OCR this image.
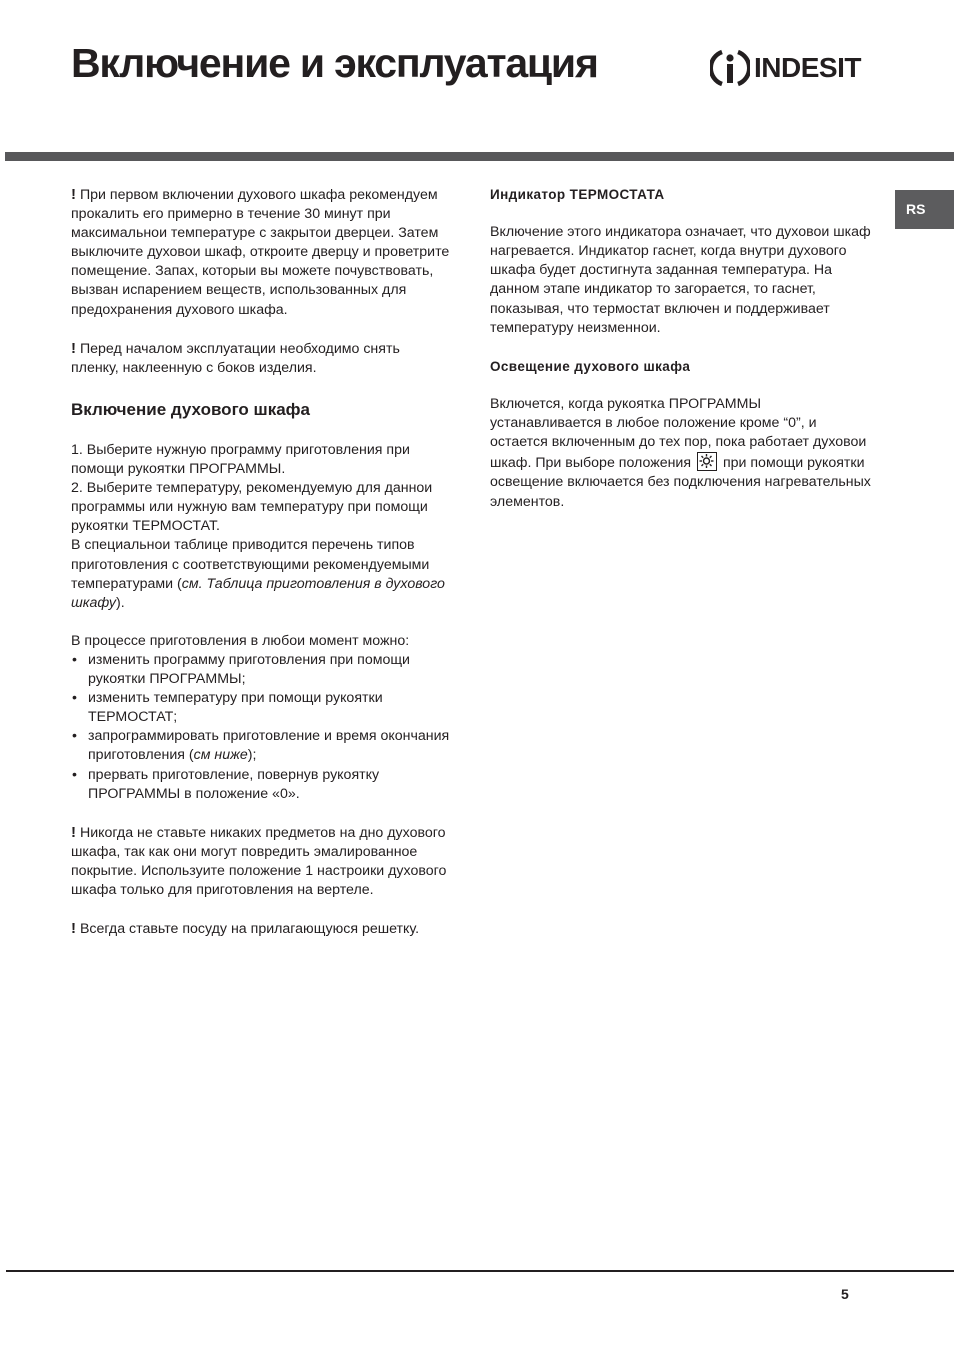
Включение и эксплуатация	INDESIT
RS

! При первом включении духового шкафа рекомендуем прокалить его примерно в течение 30 минут при максимальнои температуре с закрытои дверцеи. Затем выключите духовои шкаф, откроите дверцу и проветрите помещение. Запах, которыи вы можете почувствовать, вызван испарением веществ, использованных для предохранения духового шкафа.

! Перед началом эксплуатации необходимо снять пленку, наклеенную с боков изделия.

Включение духового шкафа

1. Выберите нужную программу приготовления при помощи рукоятки ПРОГРАММЫ.

2. Выберите температуру, рекомендуемую для даннои программы или нужную вам температуру при помощи рукоятки ТЕРМОСТАТ.

В специальнои таблице приводится перечень типов приготовления с соответствующими рекомендуемыми температурами (см. Таблица приготовления в духового шкафу).

В процессе приготовления в любои момент можно:

• изменить программу приготовления при помощи рукоятки ПРОГРАММЫ;
• изменить температуру при помощи рукоятки ТЕРМОСТАТ;
• запрограммировать приготовление и время окончания приготовления (см ниже);
• прервать приготовление, повернув рукоятку ПРОГРАММЫ в положение «0».

! Никогда не ставьте никаких предметов на дно духового шкафа, так как они могут повредить эмалированное покрытие. Используите положение 1 настроики духового шкафа только для приготовления на вертеле.

! Всегда ставьте посуду на прилагающуюся решетку.

Индикатор ТЕРМОСТАТА

Включение этого индикатора означает, что духовои шкаф нагревается. Индикатор гаснет, когда внутри духового шкафа будет достигнута заданная температура. На данном этапе индикатор то загорается, то гаснет, показывая, что термостат включен и поддерживает температуру неизменнои.

Освещение духового шкафа

Включется, когда рукоятка ПРОГРАММЫ устанавливается в любое положение кроме “0”, и остается включенным до тех пор, пока работает духовои шкаф. При выборе положения при помощи рукоятки освещение включается без подключения нагревательных элементов.

5
